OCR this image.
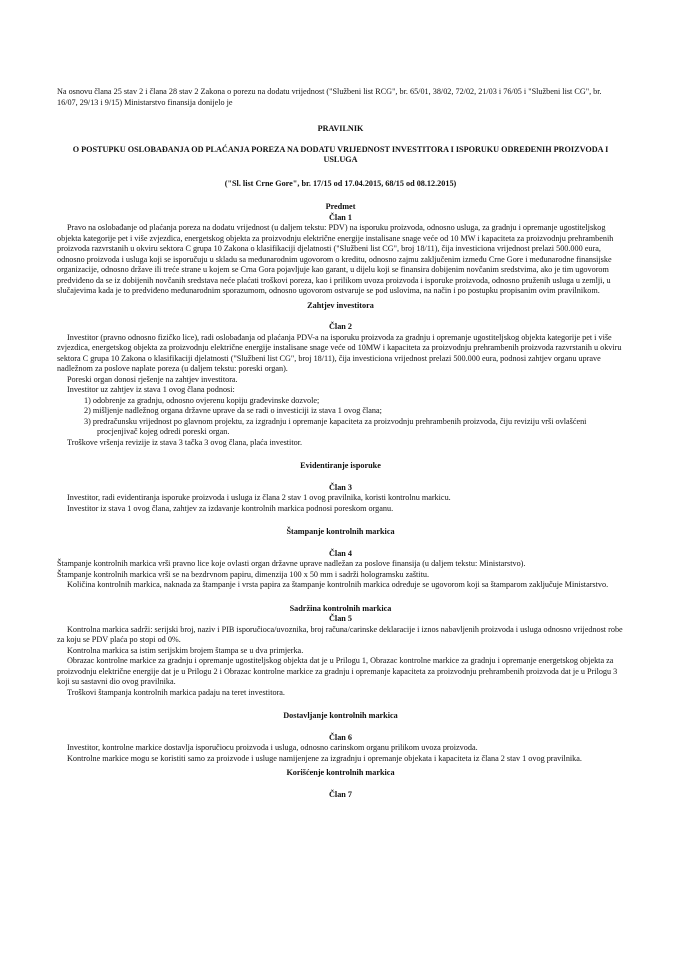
Na osnovu člana 25 stav 2 i člana 28 stav 2 Zakona o porezu na dodatu vrijednost ("Službeni list RCG", br. 65/01, 38/02, 72/02, 21/03 i 76/05 i "Službeni list CG", br. 16/07, 29/13 i 9/15) Ministarstvo finansija donijelo je

PRAVILNIK

O POSTUPKU OSLOBAĐANJA OD PLAĆANJA POREZA NA DODATU VRIJEDNOST INVESTITORA I ISPORUKU ODREĐENIH PROIZVODA I USLUGA

("Sl. list Crne Gore", br. 17/15 od 17.04.2015, 68/15 od 08.12.2015)

Predmet

Član 1

Pravo na oslobađanje od plaćanja poreza na dodatu vrijednost (u daljem tekstu: PDV) na isporuku proizvoda, odnosno usluga, za gradnju i opremanje ugostiteljskog objekta kategorije pet i više zvjezdica, energetskog objekta za proizvodnju električne energije instalisane snage veće od 10 MW i kapaciteta za proizvodnju prehrambenih proizvoda razvrstanih u okviru sektora C grupa 10 Zakona o klasifikaciji djelatnosti ("Službeni list CG", broj 18/11), čija investiciona vrijednost prelazi 500.000 eura, odnosno proizvoda i usluga koji se isporučuju u skladu sa međunarodnim ugovorom o kreditu, odnosno zajmu zaključenim između Crne Gore i međunarodne finansijske organizacije, odnosno države ili treće strane u kojem se Crna Gora pojavljuje kao garant, u dijelu koji se finansira dobijenim novčanim sredstvima, ako je tim ugovorom predviđeno da se iz dobijenih novčanih sredstava neće plaćati troškovi poreza, kao i prilikom uvoza proizvoda i isporuke proizvoda, odnosno pruženih usluga u zemlji, u slučajevima kada je to predviđeno međunarodnim sporazumom, odnosno ugovorom ostvaruje se pod uslovima, na način i po postupku propisanim ovim pravilnikom.

Zahtjev investitora

Član 2

Investitor (pravno odnosno fizičko lice), radi oslobađanja od plaćanja PDV-a na isporuku proizvoda za gradnju i opremanje ugostiteljskog objekta kategorije pet i više zvjezdica, energetskog objekta za proizvodnju električne energije instalisane snage veće od 10MW i kapaciteta za proizvodnju prehrambenih proizvoda razvrstanih u okviru sektora C grupa 10 Zakona o klasifikaciji djelatnosti ("Službeni list CG", broj 18/11), čija investiciona vrijednost prelazi 500.000 eura, podnosi zahtjev organu uprave nadležnom za poslove naplate poreza (u daljem tekstu: poreski organ).

Poreski organ donosi rješenje na zahtjev investitora.

Investitor uz zahtjev iz stava 1 ovog člana podnosi:

1) odobrenje za gradnju, odnosno ovjerenu kopiju građevinske dozvole;

2) mišljenje nadležnog organa državne uprave da se radi o investiciji iz stava 1 ovog člana;

3) predračunsku vrijednost po glavnom projektu, za izgradnju i opremanje kapaciteta za proizvodnju prehrambenih proizvoda, čiju reviziju vrši ovlašćeni procjenjivač kojeg odredi poreski organ.

Troškove vršenja revizije iz stava 3 tačka 3 ovog člana, plaća investitor.

Evidentiranje isporuke

Član 3

Investitor, radi evidentiranja isporuke proizvoda i usluga iz člana 2 stav 1 ovog pravilnika, koristi kontrolnu markicu.

Investitor iz stava 1 ovog člana, zahtjev za izdavanje kontrolnih markica podnosi poreskom organu.

Štampanje kontrolnih markica

Član 4

Štampanje kontrolnih markica vrši pravno lice koje ovlasti organ državne uprave nadležan za poslove finansija (u daljem tekstu: Ministarstvo).

Štampanje kontrolnih markica vrši se na bezdrvnom papiru, dimenzija 100 x 50 mm i sadrži hologramsku zaštitu.

Količina kontrolnih markica, naknada za štampanje i vrsta papira za štampanje kontrolnih markica određuje se ugovorom koji sa štamparom zaključuje Ministarstvo.

Sadržina kontrolnih markica

Član 5

Kontrolna markica sadrži: serijski broj, naziv i PIB isporučioca/uvoznika, broj računa/carinske deklaracije i iznos nabavljenih proizvoda i usluga odnosno vrijednost robe za koju se PDV plaća po stopi od 0%.

Kontrolna markica sa istim serijskim brojem štampa se u dva primjerka.

Obrazac kontrolne markice za gradnju i opremanje ugostiteljskog objekta dat je u Prilogu 1, Obrazac kontrolne markice za gradnju i opremanje energetskog objekta za proizvodnju električne energije dat je u Prilogu 2 i Obrazac kontrolne markice za gradnju i opremanje kapaciteta za proizvodnju prehrambenih proizvoda dat je u Prilogu 3 koji su sastavni dio ovog pravilnika.

Troškovi štampanja kontrolnih markica padaju na teret investitora.

Dostavljanje kontrolnih markica

Član 6

Investitor, kontrolne markice dostavlja isporučiocu proizvoda i usluga, odnosno carinskom organu prilikom uvoza proizvoda.

Kontrolne markice mogu se koristiti samo za proizvode i usluge namijenjene za izgradnju i opremanje objekata i kapaciteta iz člana 2 stav 1 ovog pravilnika.

Korišćenje kontrolnih markica

Član 7
